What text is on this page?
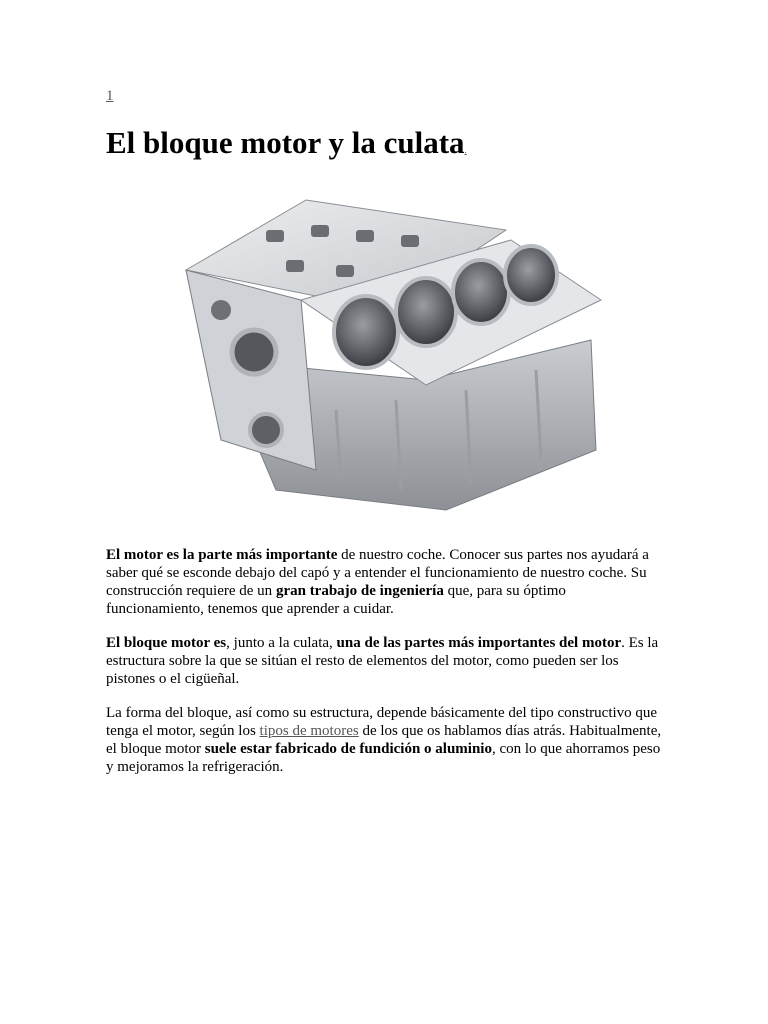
1
El bloque motor y la culata.

El motor es la parte más importante de nuestro coche. Conocer sus partes nos ayudará a saber qué se esconde debajo del capó y a entender el funcionamiento de nuestro coche. Su construcción requiere de un gran trabajo de ingeniería que, para su óptimo funcionamiento, tenemos que aprender a cuidar.

El bloque motor es, junto a la culata, una de las partes más importantes del motor. Es la estructura sobre la que se sitúan el resto de elementos del motor, como pueden ser los pistones o el cigüeñal.

La forma del bloque, así como su estructura, depende básicamente del tipo constructivo que tenga el motor, según los tipos de motores de los que os hablamos días atrás. Habitualmente, el bloque motor suele estar fabricado de fundición o aluminio, con lo que ahorramos peso y mejoramos la refrigeración.
